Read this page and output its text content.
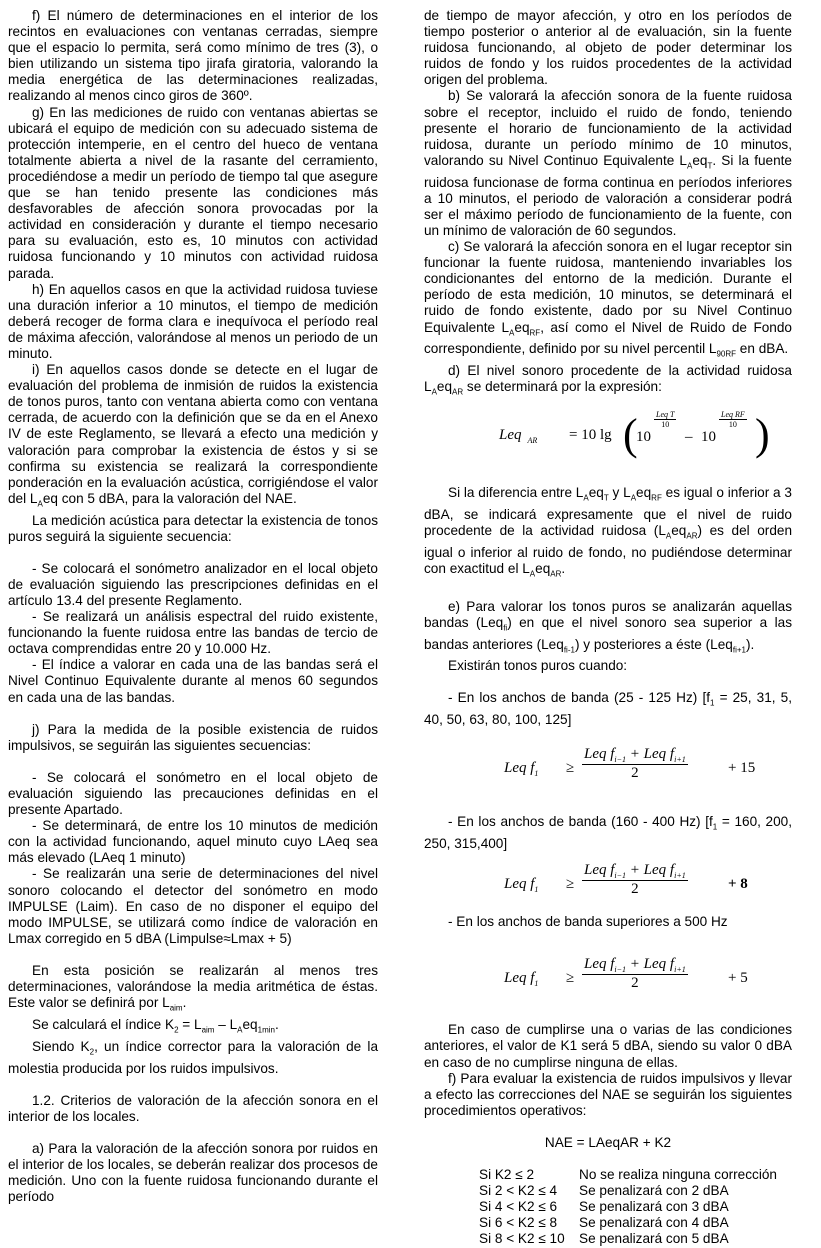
f) El número de determinaciones en el interior de los recintos en evaluaciones con ventanas cerradas, siempre que el espacio lo permita, será como mínimo de tres (3), o bien utilizando un sistema tipo jirafa giratoria, valorando la media energética de las determinaciones realizadas, realizando al menos cinco giros de 360º.

g) En las mediciones de ruido con ventanas abiertas se ubicará el equipo de medición con su adecuado sistema de protección intemperie, en el centro del hueco de ventana totalmente abierta a nivel de la rasante del cerramiento, procediéndose a medir un período de tiempo tal que asegure que se han tenido presente las condiciones más desfavorables de afección sonora provocadas por la actividad en consideración y durante el tiempo necesario para su evaluación, esto es, 10 minutos con actividad ruidosa funcionando y 10 minutos con actividad ruidosa parada.

h) En aquellos casos en que la actividad ruidosa tuviese una duración inferior a 10 minutos, el tiempo de medición deberá recoger de forma clara e inequívoca el período real de máxima afección, valorándose al menos un periodo de un minuto.

i) En aquellos casos donde se detecte en el lugar de evaluación del problema de inmisión de ruidos la existencia de tonos puros, tanto con ventana abierta como con ventana cerrada, de acuerdo con la definición que se da en el Anexo IV de este Reglamento, se llevará a efecto una medición y valoración para comprobar la existencia de éstos y si se confirma su existencia se realizará la correspondiente ponderación en la evaluación acústica, corrigiéndose el valor del $L_Aeq$ con 5 dBA, para la valoración del NAE.

La medición acústica para detectar la existencia de tonos puros seguirá la siguiente secuencia:

- Se colocará el sonómetro analizador en el local objeto de evaluación siguiendo las prescripciones definidas en el artículo 13.4 del presente Reglamento.

- Se realizará un análisis espectral del ruido existente, funcionando la fuente ruidosa entre las bandas de tercio de octava comprendidas entre 20 y 10.000 Hz.

- El índice a valorar en cada una de las bandas será el Nivel Continuo Equivalente durante al menos 60 segundos en cada una de las bandas.

j) Para la medida de la posible existencia de ruidos impulsivos, se seguirán las siguientes secuencias:

- Se colocará el sonómetro en el local objeto de evaluación siguiendo las precauciones definidas en el presente Apartado.

- Se determinará, de entre los 10 minutos de medición con la actividad funcionando, aquel minuto cuyo LAeq sea más elevado (LAeq 1 minuto)

- Se realizarán una serie de determinaciones del nivel sonoro colocando el detector del sonómetro en modo IMPULSE (Laim). En caso de no disponer el equipo del modo IMPULSE, se utilizará como índice de valoración en Lmax corregido en 5 dBA (Limpulse≈Lmax + 5)

En esta posición se realizarán al menos tres determinaciones, valorándose la media aritmética de éstas. Este valor se definirá por $L_{aim}$.

Se calculará el índice $K_2 = L_{aim} - L_Aeq_{1min}$.

Siendo $K_2$, un índice corrector para la valoración de la molestia producida por los ruidos impulsivos.

1.2. Criterios de valoración de la afección sonora en el interior de los locales.

a) Para la valoración de la afección sonora por ruidos en el interior de los locales, se deberán realizar dos procesos de medición. Uno con la fuente ruidosa funcionando durante el período

de tiempo de mayor afección, y otro en los períodos de tiempo posterior o anterior al de evaluación, sin la fuente ruidosa funcionando, al objeto de poder determinar los ruidos de fondo y los ruidos procedentes de la actividad origen del problema.

b) Se valorará la afección sonora de la fuente ruidosa sobre el receptor, incluido el ruido de fondo, teniendo presente el horario de funcionamiento de la actividad ruidosa, durante un período mínimo de 10 minutos, valorando su Nivel Continuo Equivalente $L_Aeq_T$. Si la fuente ruidosa funcionase de forma continua en períodos inferiores a 10 minutos, el periodo de valoración a considerar podrá ser el máximo período de funcionamiento de la fuente, con un mínimo de valoración de 60 segundos.

c) Se valorará la afección sonora en el lugar receptor sin funcionar la fuente ruidosa, manteniendo invariables los condicionantes del entorno de la medición. Durante el período de esta medición, 10 minutos, se determinará el ruido de fondo existente, dado por su Nivel Continuo Equivalente $L_Aeq_{RF}$, así como el Nivel de Ruido de Fondo correspondiente, definido por su nivel percentil $L_{90RF}$ en dBA.

d) El nivel sonoro procedente de la actividad ruidosa $L_Aeq_{AR}$ se determinará por la expresión:

Leq $_{AR}$ = 10 lg (
10
Leq T
10
– 10
Leq RF
10 )

Si la diferencia entre $L_Aeq_T$ y $L_Aeq_{RF}$ es igual o inferior a 3 dBA, se indicará expresamente que el nivel de ruido procedente de la actividad ruidosa $(L_Aeq_{AR})$ es del orden igual o inferior al ruido de fondo, no pudiéndose determinar con exactitud el $L_Aeq_{AR}$.

e) Para valorar los tonos puros se analizarán aquellas bandas (Leq$_{fi}$) en que el nivel sonoro sea superior a las bandas anteriores (Leq$_{fi-1}$) y posteriores a éste (Leq$_{fi+1}$).

Existirán tonos puros cuando:

- En los anchos de banda (25 - 125 Hz) [$f_1 = 25$, 31, 5, 40, 50, 63, 80, 100, 125]

Leq $f_1$ ≥
Leq $f_{i-1}$ + Leq $f_{i+1}$
2	+ 15

- En los anchos de banda (160 - 400 Hz) [$f_1 = 160$, 200, 250, 315,400]

Leq $f_1$ ≥
Leq $f_{i-1}$ + Leq $f_{i+1}$
2	+ 8

- En los anchos de banda superiores a 500 Hz

Leq $f_1$ ≥
Leq $f_{i-1}$ + Leq $f_{i+1}$
2	+ 5

En caso de cumplirse una o varias de las condiciones anteriores, el valor de K1 será 5 dBA, siendo su valor 0 dBA en caso de no cumplirse ninguna de ellas.

f) Para evaluar la existencia de ruidos impulsivos y llevar a efecto las correcciones del NAE se seguirán los siguientes procedimientos operativos:

NAE = LAeqAR + K2

Si K2 ≤ 2	No se realiza ninguna corrección
Si 2 < K2 ≤ 4	Se penalizará con 2 dBA
Si 4 < K2 ≤ 6	Se penalizará con 3 dBA
Si 6 < K2 ≤ 8	Se penalizará con 4 dBA
Si 8 < K2 ≤ 10	Se penalizará con 5 dBA
